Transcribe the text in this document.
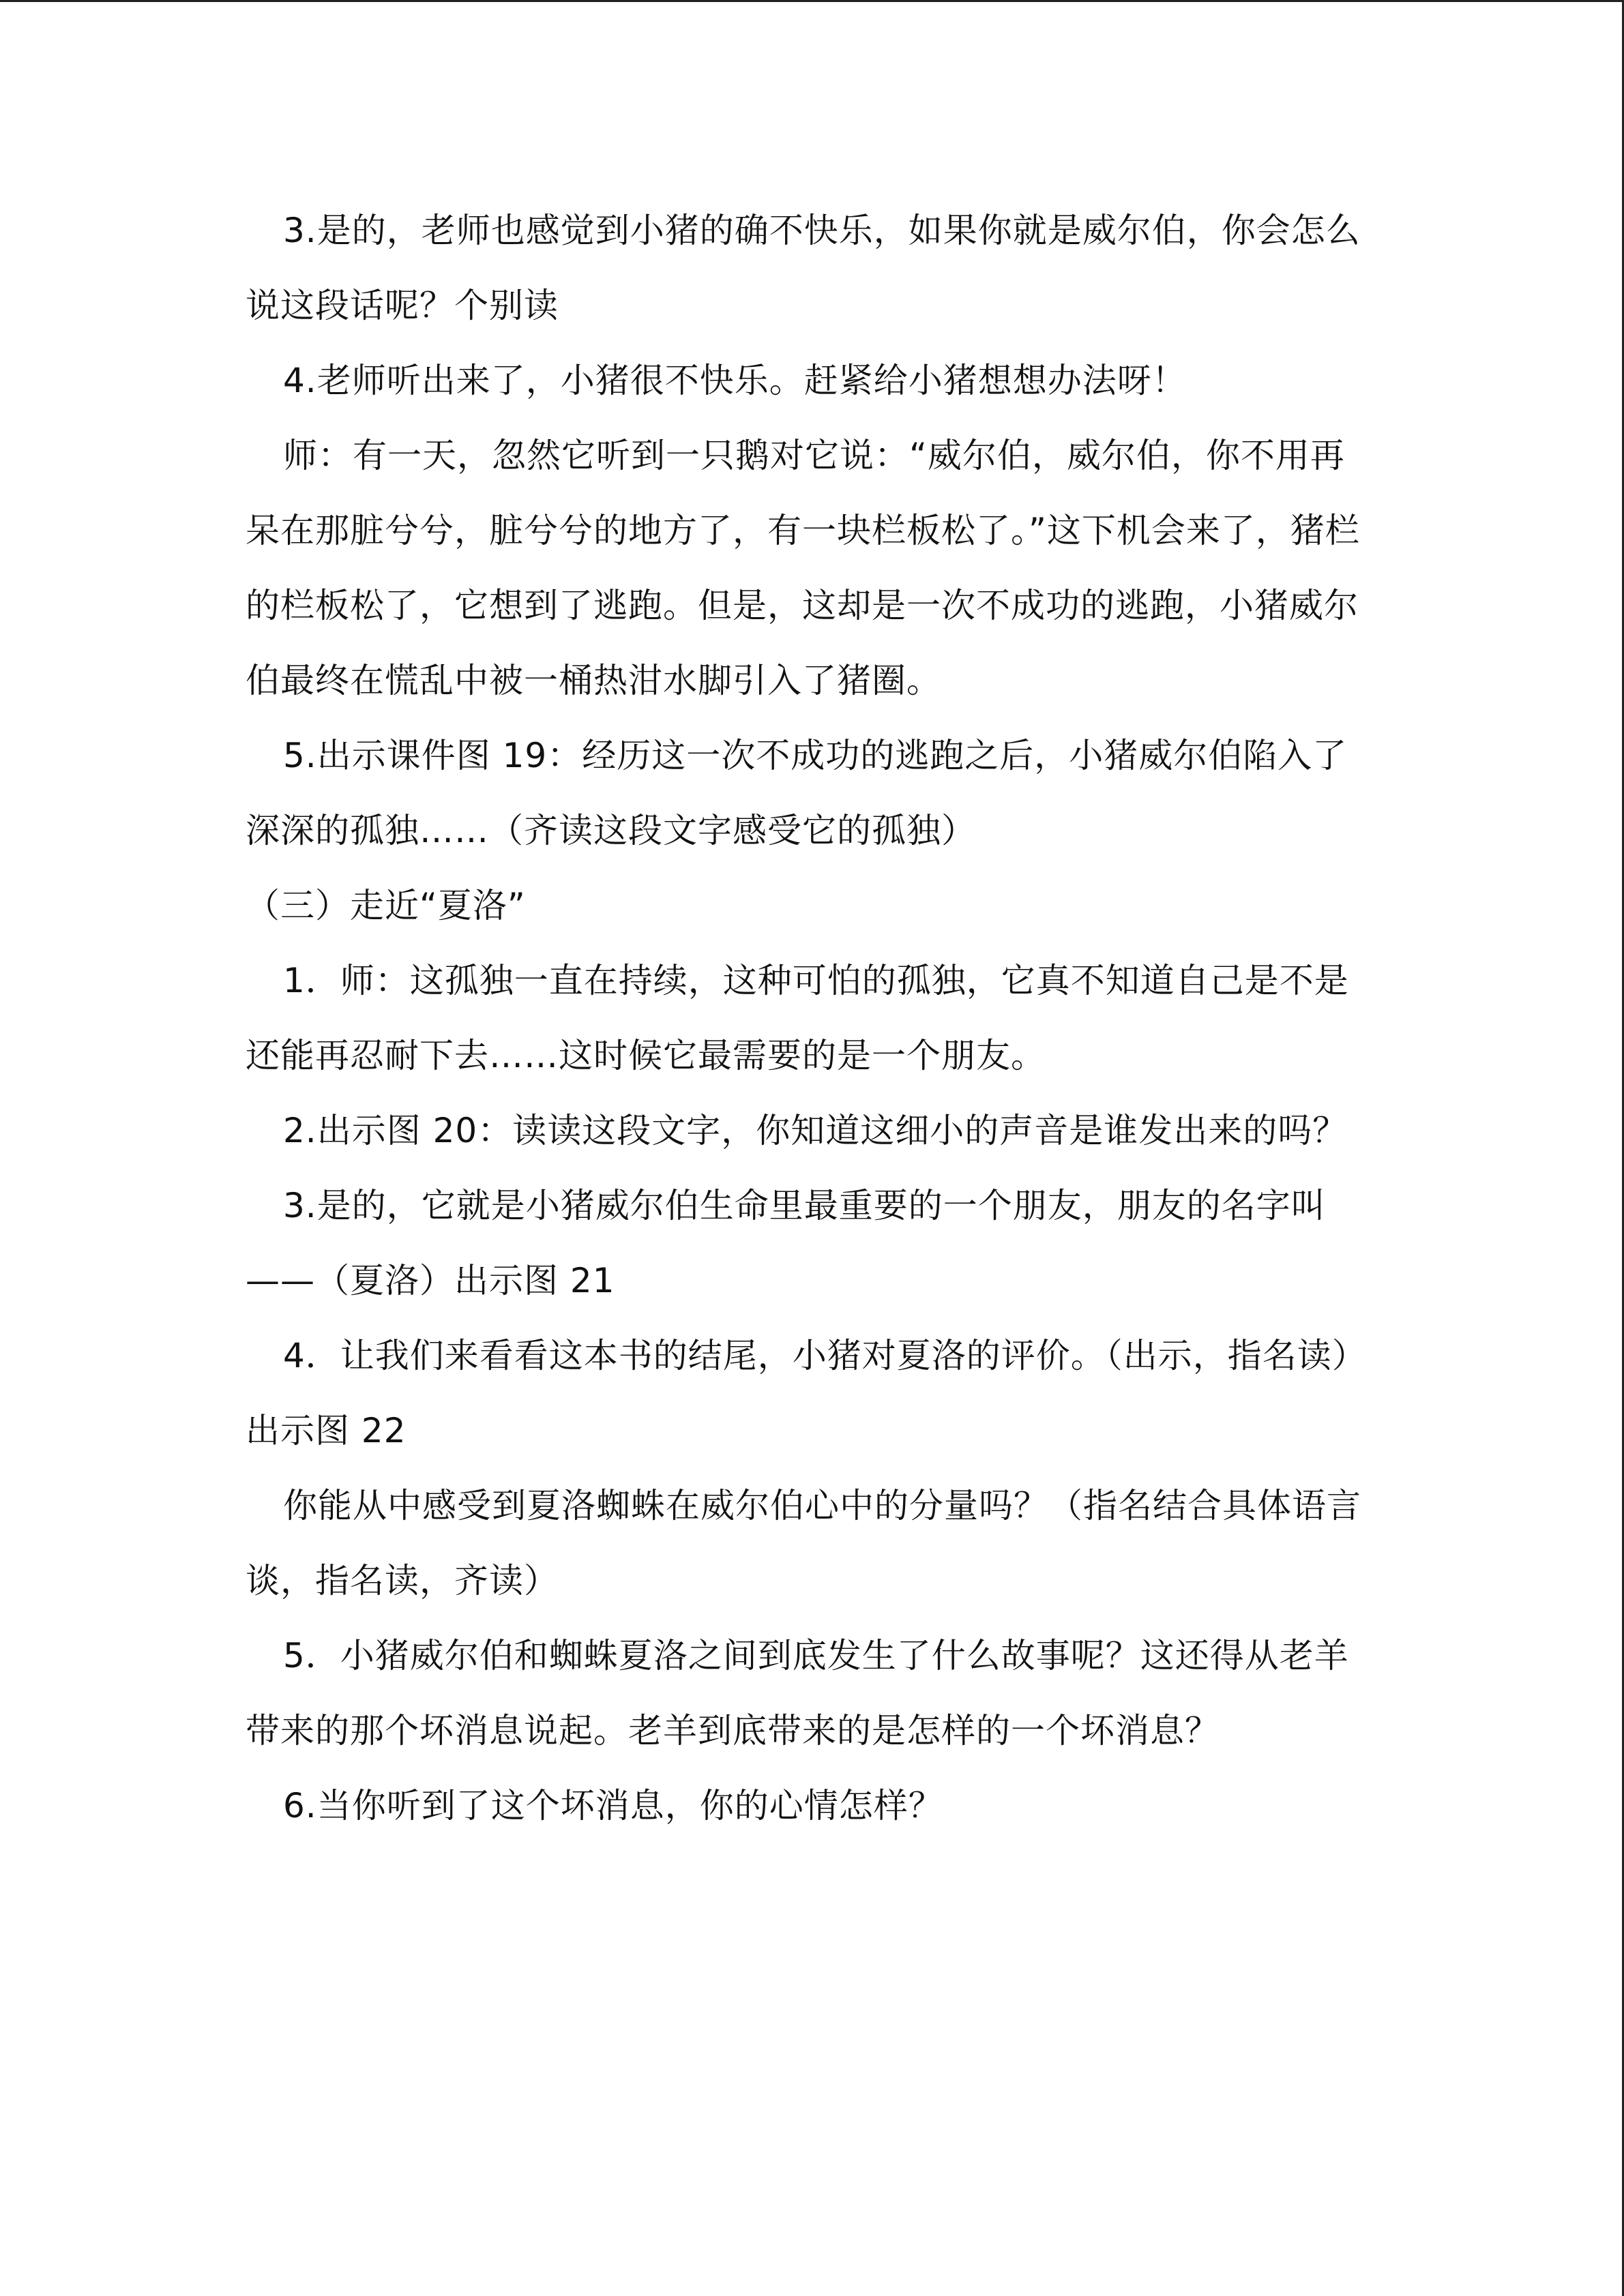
3.是的，老师也感觉到小猪的确不快乐，如果你就是威尔伯，你会怎么说这段话呢？个别读

4.老师听出来了，小猪很不快乐。赶紧给小猪想想办法呀！

师：有一天，忽然它听到一只鹅对它说：“威尔伯，威尔伯，你不用再呆在那脏兮兮，脏兮兮的地方了，有一块栏板松了。”这下机会来了，猪栏的栏板松了，它想到了逃跑。但是，这却是一次不成功的逃跑，小猪威尔伯最终在慌乱中被一桶热泔水脚引入了猪圈。

5.出示课件图 19：经历这一次不成功的逃跑之后，小猪威尔伯陷入了深深的孤独……（齐读这段文字感受它的孤独）

（三）走近“夏洛”

1．师：这孤独一直在持续，这种可怕的孤独，它真不知道自己是不是还能再忍耐下去……这时候它最需要的是一个朋友。

2.出示图 20：读读这段文字，你知道这细小的声音是谁发出来的吗？

3.是的，它就是小猪威尔伯生命里最重要的一个朋友，朋友的名字叫——（夏洛）出示图 21

4．让我们来看看这本书的结尾，小猪对夏洛的评价。（出示，指名读）出示图 22

你能从中感受到夏洛蜘蛛在威尔伯心中的分量吗？（指名结合具体语言谈，指名读，齐读）

5．小猪威尔伯和蜘蛛夏洛之间到底发生了什么故事呢？这还得从老羊带来的那个坏消息说起。老羊到底带来的是怎样的一个坏消息？

6.当你听到了这个坏消息，你的心情怎样？
